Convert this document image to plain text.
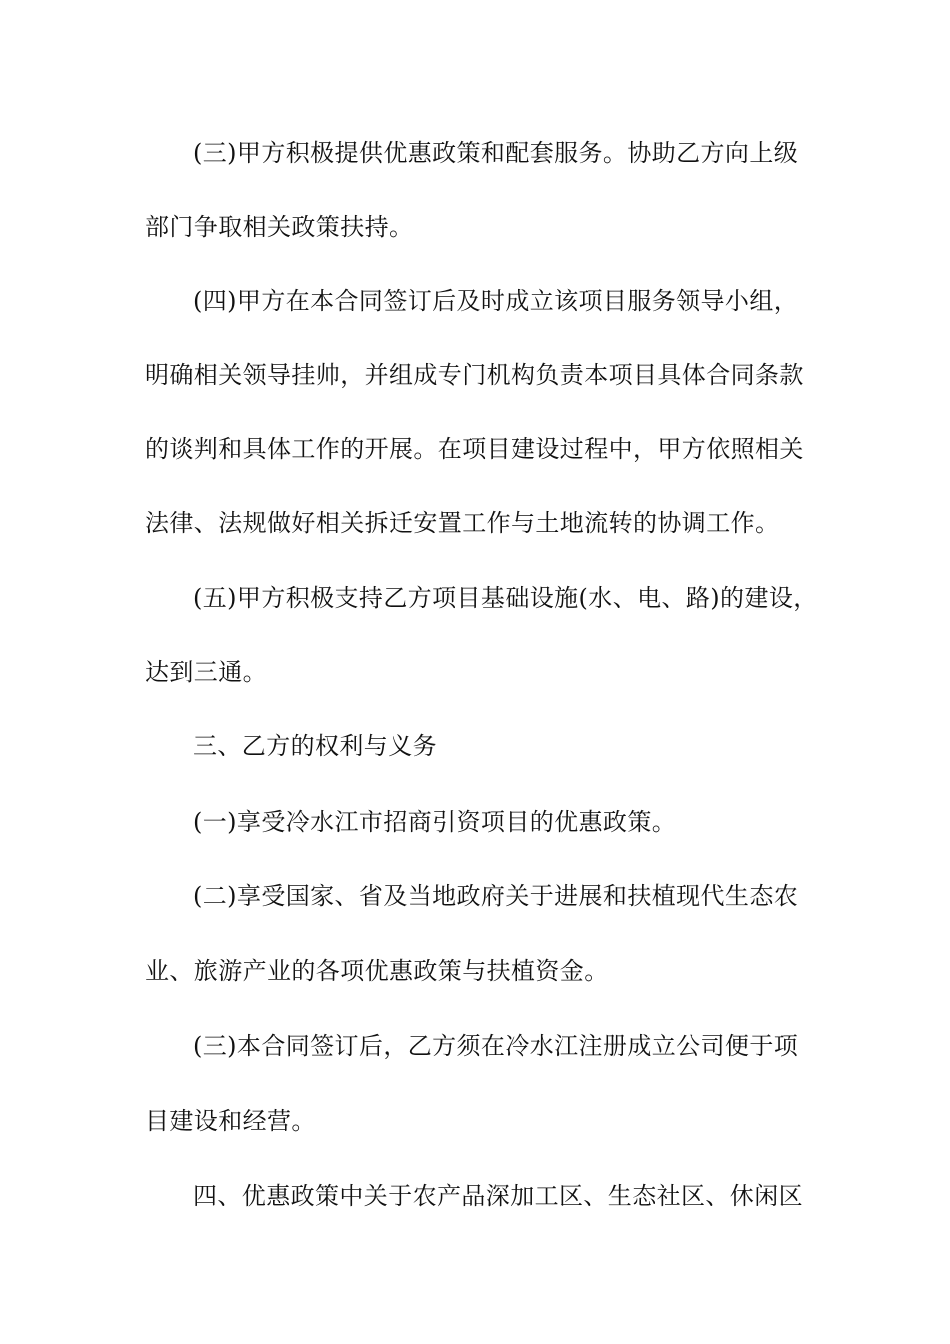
(三)甲方积极提供优惠政策和配套服务。协助乙方向上级
部门争取相关政策扶持。
(四)甲方在本合同签订后及时成立该项目服务领导小组，
明确相关领导挂帅，并组成专门机构负责本项目具体合同条款
的谈判和具体工作的开展。在项目建设过程中，甲方依照相关
法律、法规做好相关拆迁安置工作与土地流转的协调工作。
(五)甲方积极支持乙方项目基础设施(水、电、路)的建设，
达到三通。
三、乙方的权利与义务
(一)享受冷水江市招商引资项目的优惠政策。
(二)享受国家、省及当地政府关于进展和扶植现代生态农
业、旅游产业的各项优惠政策与扶植资金。
(三)本合同签订后，乙方须在冷水江注册成立公司便于项
目建设和经营。
四、优惠政策中关于农产品深加工区、生态社区、休闲区
